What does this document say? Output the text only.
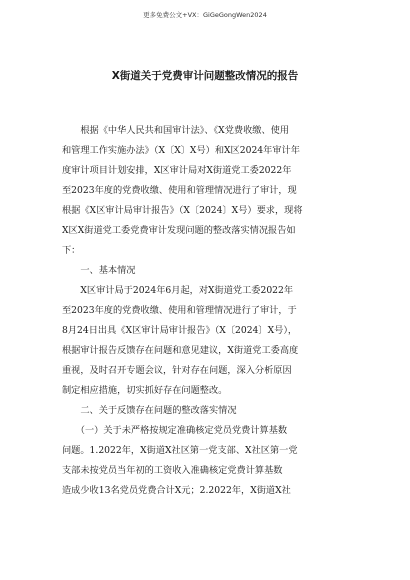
更多免费公文+VX：GiGeGongWen2024
X街道关于党费审计问题整改情况的报告
　　根据《中华人民共和国审计法》、《X党费收缴、使用
和管理工作实施办法》（X〔X〕X号）和X区2024年审计年
度审计项目计划安排，X区审计局对X街道党工委2022年
至2023年度的党费收缴、使用和管理情况进行了审计，现
根据《X区审计局审计报告》（X〔2024〕X号）要求，现将
X区X街道党工委党费审计发现问题的整改落实情况报告如
下：
　　一、基本情况
　　X区审计局于2024年6月起，对X街道党工委2022年
至2023年度的党费收缴、使用和管理情况进行了审计，于
8月24日出具《X区审计局审计报告》（X〔2024〕X号），
根据审计报告反馈存在问题和意见建议，X街道党工委高度
重视，及时召开专题会议，针对存在问题，深入分析原因
制定相应措施，切实抓好存在问题整改。
　　二、关于反馈存在问题的整改落实情况
　　（一）关于未严格按规定准确核定党员党费计算基数
问题。1.2022年，X街道X社区第一党支部、X社区第一党
支部未按党员当年初的工资收入准确核定党费计算基数
造成少收13名党员党费合计X元；2.2022年，X街道X社
